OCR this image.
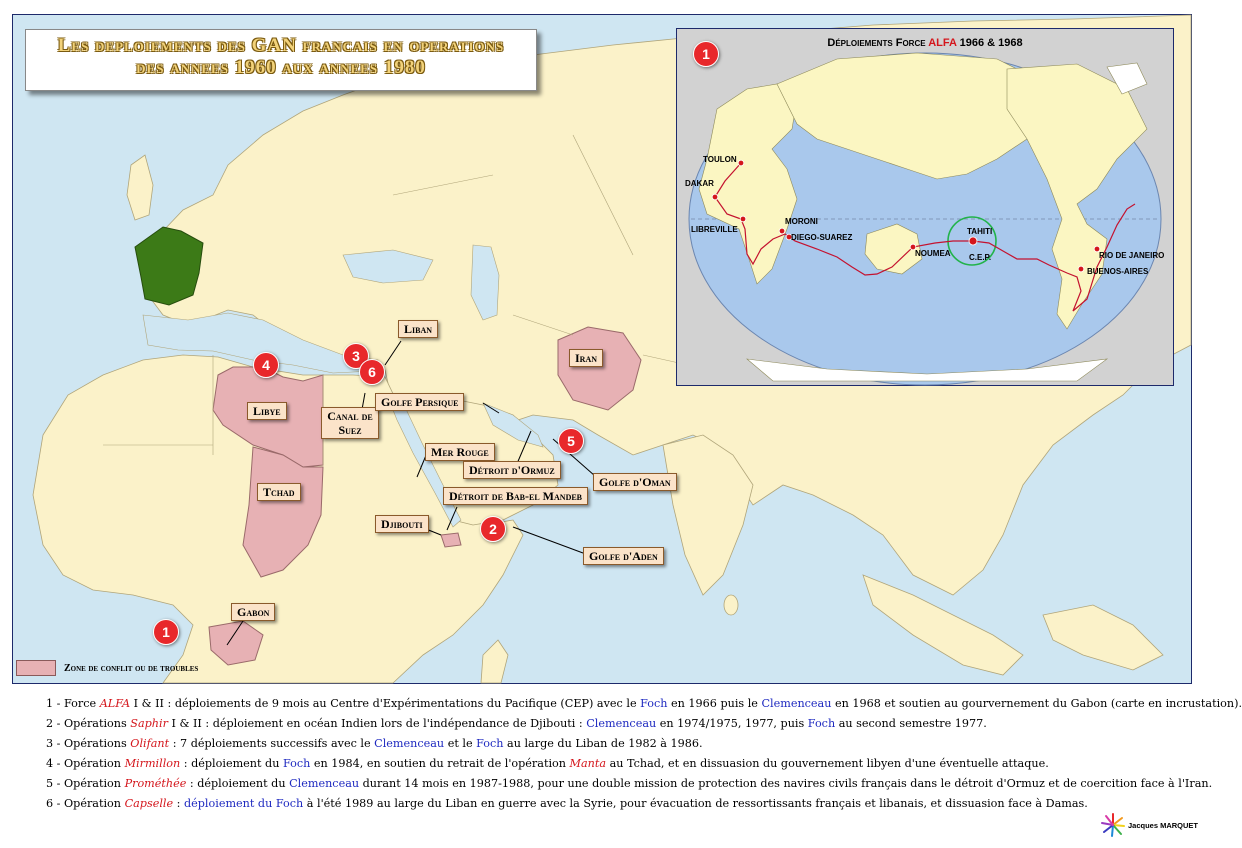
Les deploiements des GAN francais en operations
des annees 1960 aux annees 1980
1
2
3
4
5
6
Liban
Iran
Libye
Tchad
Canal de Suez
Golfe Persique
Mer Rouge
Détroit d'Ormuz
Golfe d'Oman
Détroit de Bab-el Mandeb
Djibouti
Golfe d'Aden
Gabon
1
Déploiements Force ALFA 1966 & 1968
TOULON
DAKAR
LIBREVILLE
MORONI
DIEGO-SUAREZ
NOUMEA
TAHITI
C.E.P.	RIO DE JANEIRO
BUENOS-AIRES
Zone de conflit ou de troubles
1 - Force ALFA I & II : déploiements de 9 mois au Centre d'Expérimentations du Pacifique (CEP) avec le Foch en 1966 puis le Clemenceau en 1968 et soutien au gourvernement du Gabon (carte en incrustation).
2 - Opérations Saphir I & II : déploiement en océan Indien lors de l'indépendance de Djibouti : Clemenceau en 1974/1975, 1977, puis Foch au second semestre 1977.
3 - Opérations Olifant : 7 déploiements successifs avec le Clemenceau et le Foch au large du Liban de 1982 à 1986.
4 - Opération Mirmillon : déploiement du Foch en 1984, en soutien du retrait de l'opération Manta au Tchad, et en dissuasion du gouvernement libyen d'une éventuelle attaque.
5 - Opération Prométhée : déploiement du Clemenceau durant 14 mois en 1987-1988, pour une double mission de protection des navires civils français dans le détroit d'Ormuz et de coercition face à l'Iran.
6 - Opération Capselle : déploiement du Foch à l'été 1989 au large du Liban en guerre avec la Syrie, pour évacuation de ressortissants français et libanais, et dissuasion face à Damas.
Jacques MARQUET
